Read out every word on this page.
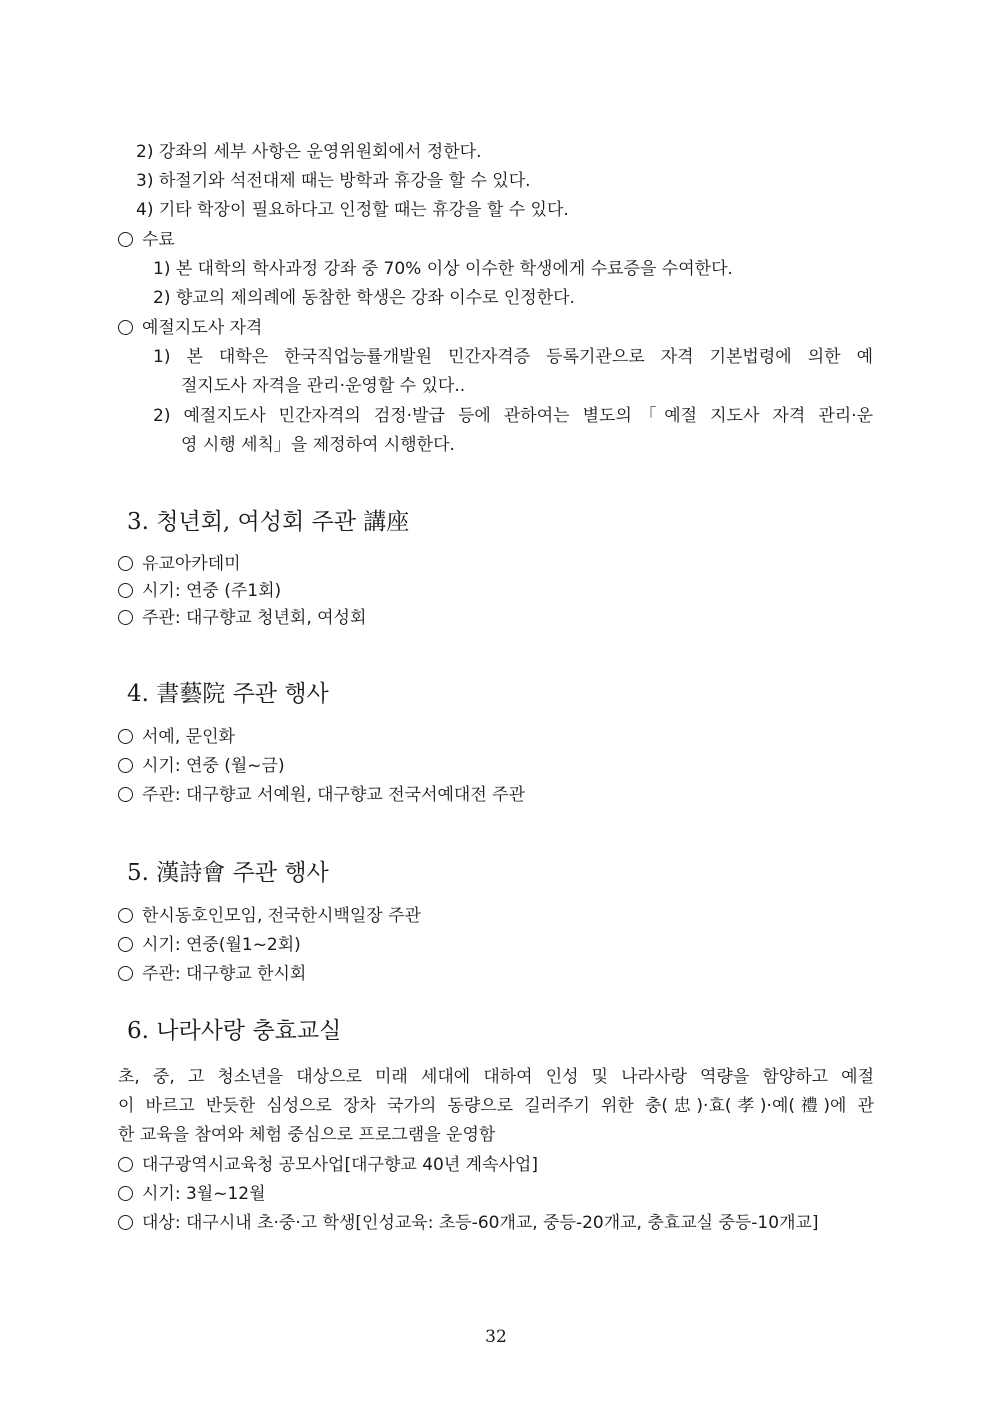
2) 강좌의 세부 사항은 운영위원회에서 정한다.
3) 하절기와 석전대제 때는 방학과 휴강을 할 수 있다.
4) 기타 학장이 필요하다고 인정할 때는 휴강을 할 수 있다.
수료
1) 본 대학의 학사과정 강좌 중 70% 이상 이수한 학생에게 수료증을 수여한다.
2) 향교의 제의례에 동참한 학생은 강좌 이수로 인정한다.
예절지도사 자격
1) 본 대학은 한국직업능률개발원 민간자격증 등록기관으로 자격 기본법령에 의한 예
절지도사 자격을 관리·운영할 수 있다..
2) 예절지도사 민간자격의 검정·발급 등에 관하여는 별도의「예절 지도사 자격 관리·운
영 시행 세칙」을 제정하여 시행한다.
3. 청년회, 여성회 주관 講座
유교아카데미
시기: 연중 (주1회)
주관: 대구향교 청년회, 여성회
4. 書藝院 주관 행사
서예, 문인화
시기: 연중 (월~금)
주관: 대구향교 서예원, 대구향교 전국서예대전 주관
5. 漢詩會 주관 행사
한시동호인모임, 전국한시백일장 주관
시기: 연중(월1~2회)
주관: 대구향교 한시회
6. 나라사랑 충효교실
초, 중, 고 청소년을 대상으로 미래 세대에 대하여 인성 및 나라사랑 역량을 함양하고 예절
이 바르고 반듯한 심성으로 장차 국가의 동량으로 길러주기 위한 충(忠)·효(孝)·예(禮)에 관
한 교육을 참여와 체험 중심으로 프로그램을 운영함
대구광역시교육청 공모사업[대구향교 40년 계속사업]
시기: 3월~12월
대상: 대구시내 초·중·고 학생[인성교육: 초등-60개교, 중등-20개교, 충효교실 중등-10개교]
32
